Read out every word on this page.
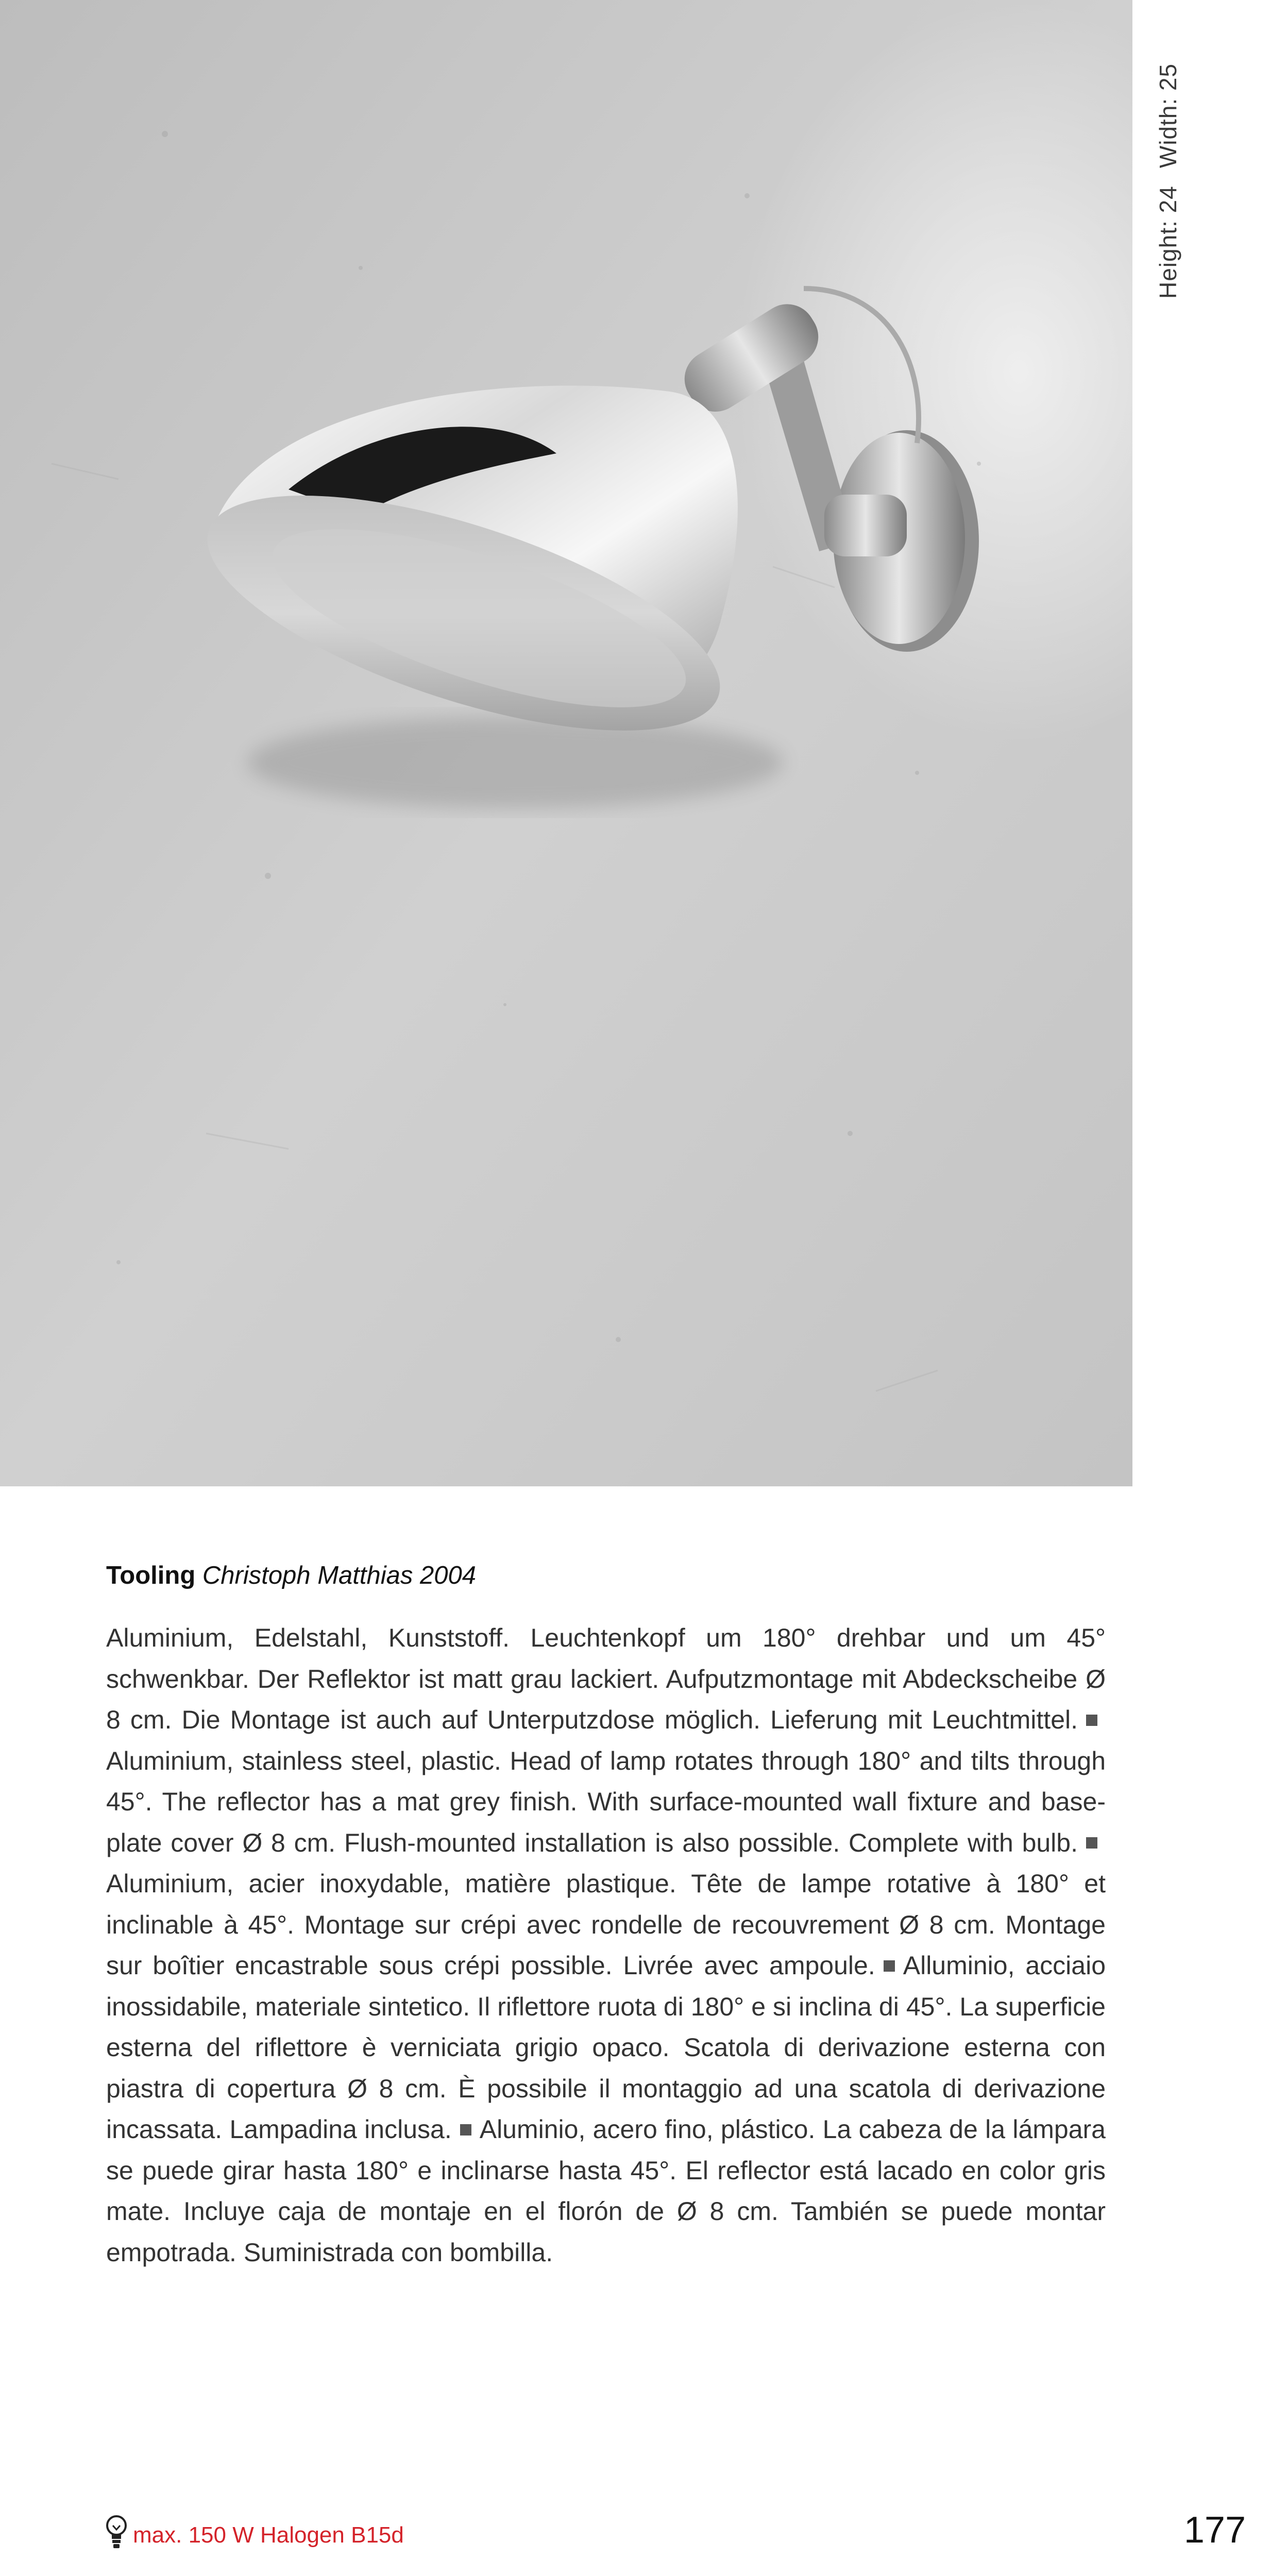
Height: 24Width: 25
Tooling Christoph Matthias 2004
Aluminium, Edelstahl, Kunststoff. Leuchtenkopf um 180° drehbar und um 45° schwenkbar. Der Reflektor ist matt grau lackiert. Aufputzmontage mit Abdeckscheibe Ø 8 cm. Die Montage ist auch auf Unterputzdose möglich. Lieferung mit Leuchtmittel.Aluminium, stainless steel, plastic. Head of lamp rotates through 180° and tilts through 45°. The reflector has a mat grey finish. With surface-mounted wall fixture and base-plate cover Ø 8 cm. Flush-mounted installation is also possible. Complete with bulb.Aluminium, acier inoxydable, matière plastique. Tête de lampe rotative à 180° et inclinable à 45°. Montage sur crépi avec rondelle de recouvrement Ø 8 cm. Montage sur boîtier encastrable sous crépi possible. Livrée avec ampoule. Alluminio, acciaio inossidabile, materiale sintetico. Il riflettore ruota di 180° e si inclina di 45°. La superficie esterna del riflettore è verniciata grigio opaco. Scatola di derivazione esterna con piastra di copertura Ø 8 cm. È possibile il montaggio ad una scatola di derivazione incassata. Lampadina inclusa. Aluminio, acero fino, plástico. La cabeza de la lámpara se puede girar hasta 180° e inclinarse hasta 45°. El reflector está lacado en color gris mate. Incluye caja de montaje en el florón de Ø 8 cm. También se puede montar empotrada. Suministrada con bombilla.
max. 150 W Halogen B15d	177
